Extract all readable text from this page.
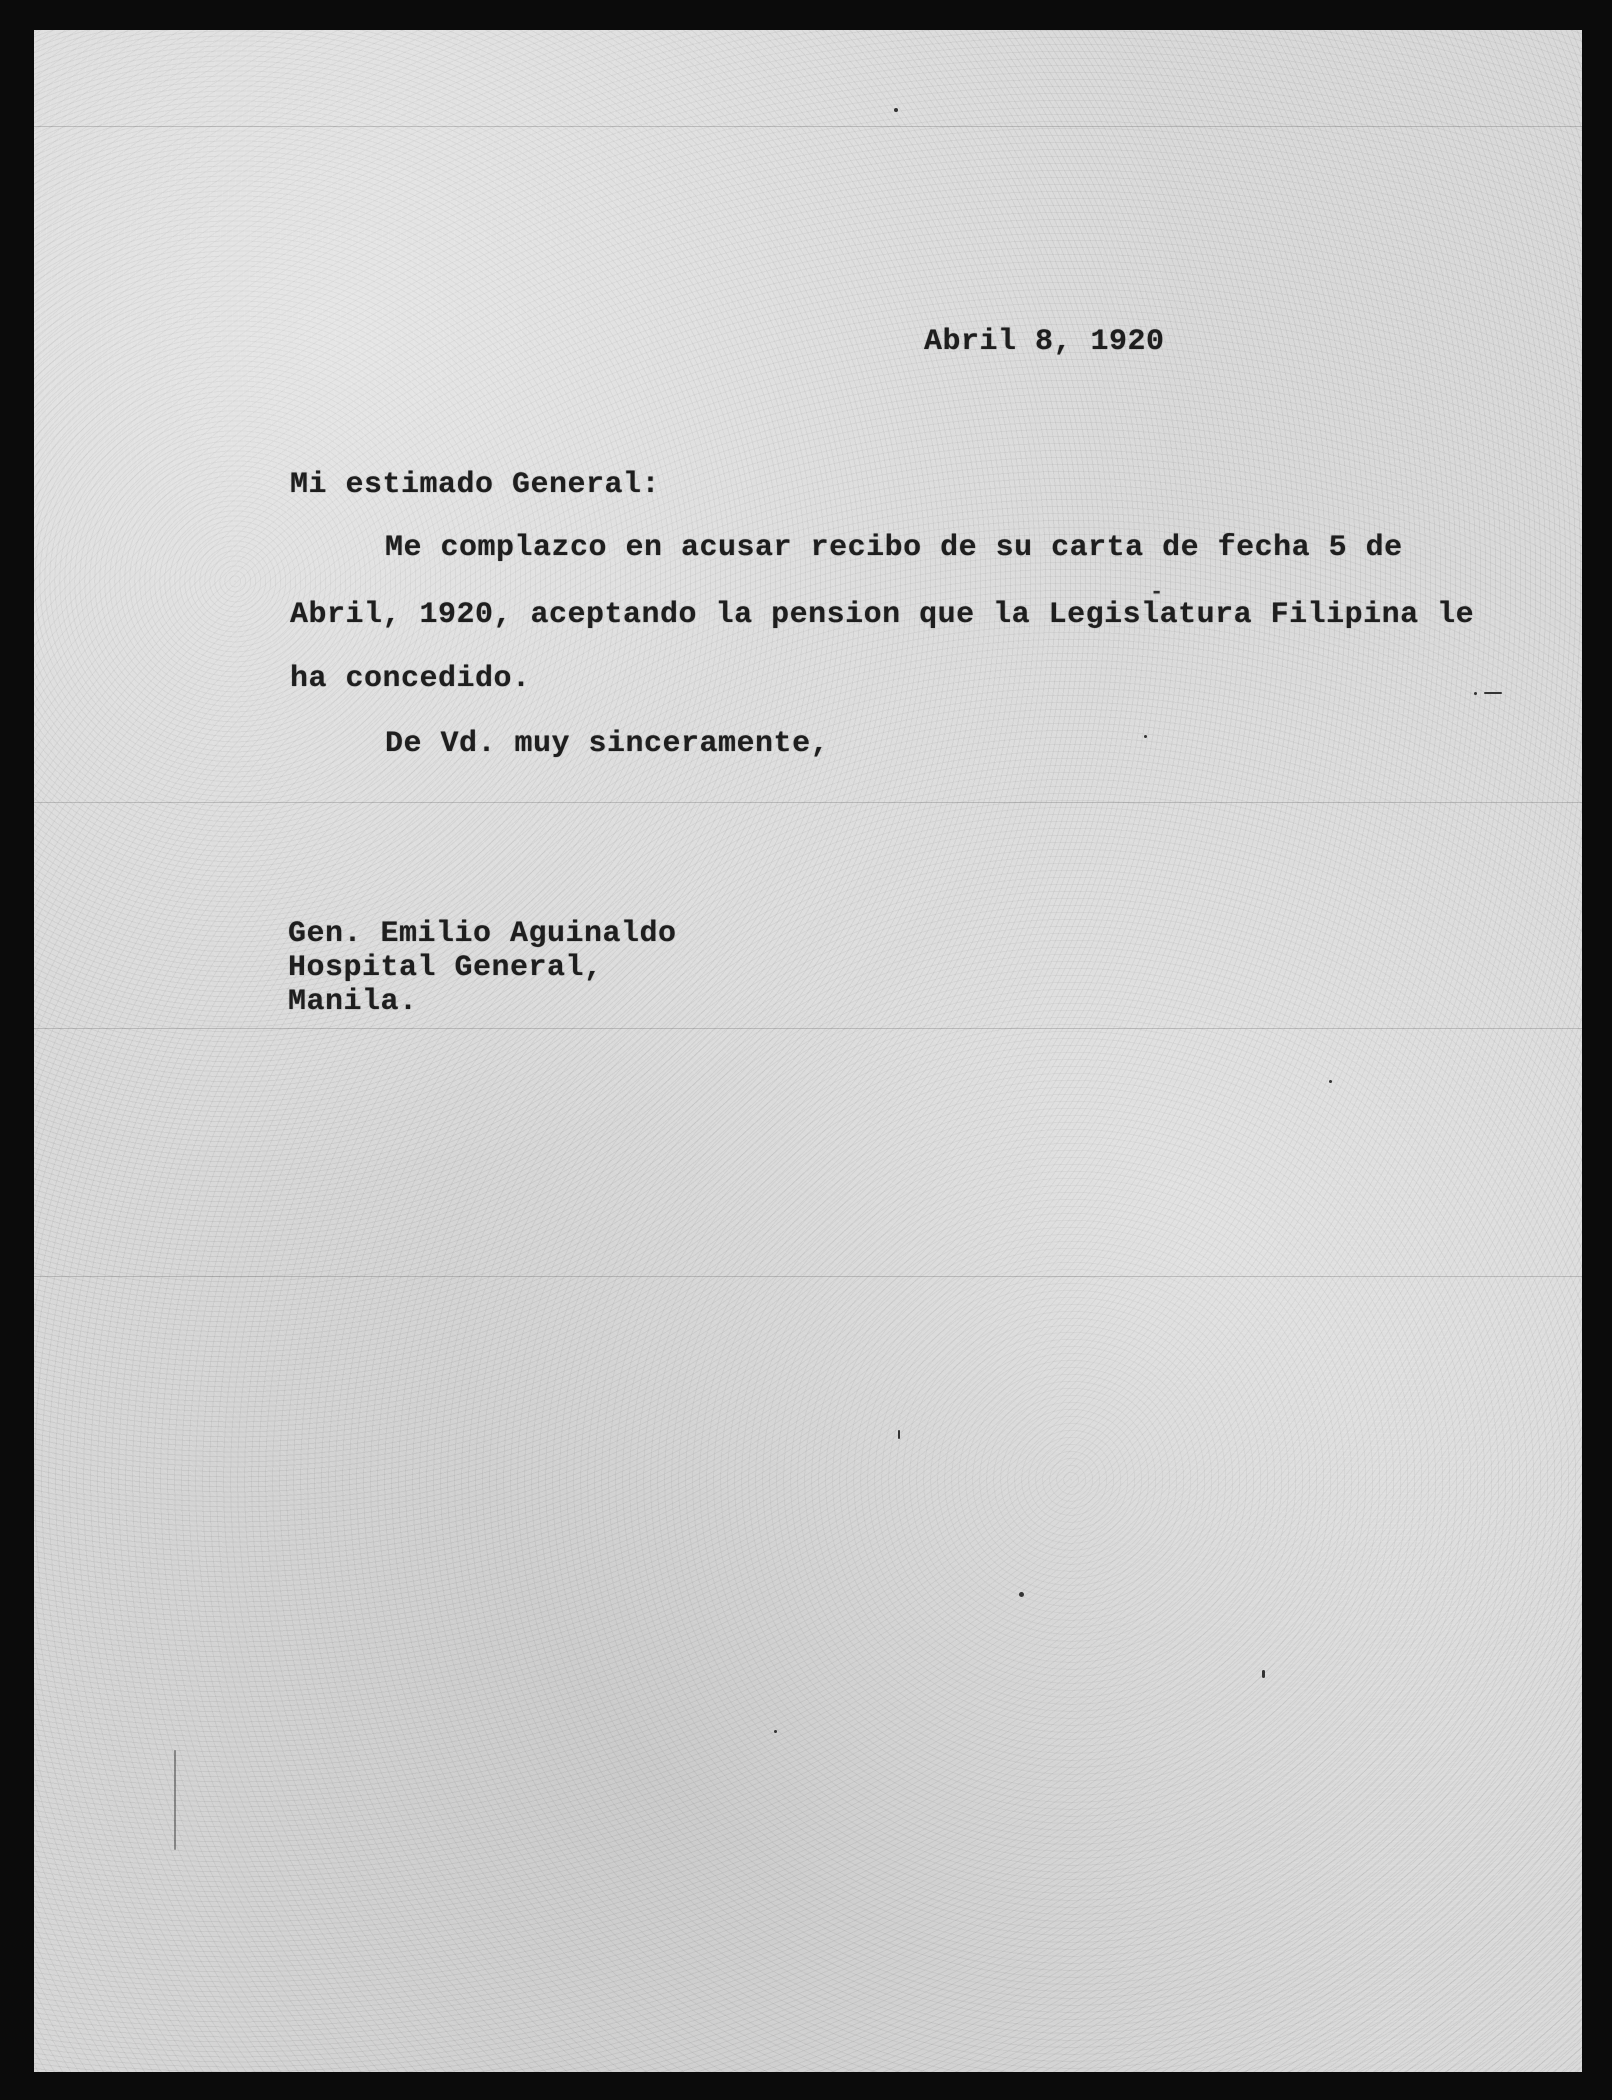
Abril 8, 1920
Mi estimado General:
Me complazco en acusar recibo de su carta de fecha 5 de
Abril, 1920, aceptando la pension que la Legislatura Filipina le
ha concedido.
De Vd. muy sinceramente,
-
Gen. Emilio Aguinaldo
Hospital General,
Manila.
